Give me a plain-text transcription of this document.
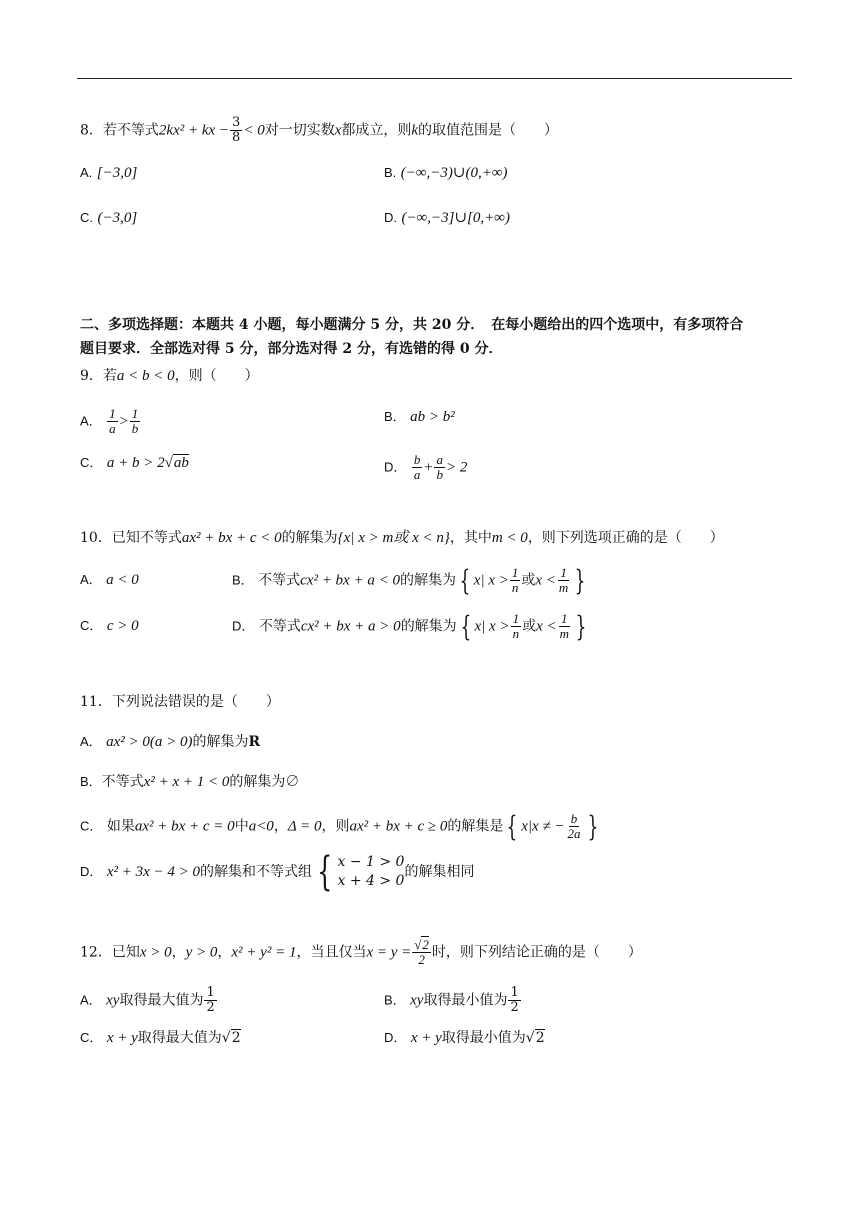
8．若不等式2kx² + kx − $\frac{3}{8} < 0$对一切实数x都成立，则k的取值范围是（　　）
A. [−3,0]	B. (−∞,−3)∪(0,+∞)
C. (−3,0]	D. (−∞,−3]∪[0,+∞)
二、多项选择题：本题共 4 小题，每小题满分 5 分，共 20 分．　在每小题给出的四个选项中，有多项符合
题目要求．全部选对得 5 分，部分选对得 2 分，有选错的得 0 分．
9．若a < b < 0，则（　　）
A． $\frac{1}{a} > \frac{1}{b}$	B． ab > b²
C． a + b > 2√ab	D． $\frac{b}{a} + \frac{a}{b} > 2$
10．已知不等式ax² + bx + c < 0的解集为{x| x > m或 x < n}，其中m < 0，则下列选项正确的是（　　）
A． a < 0	B． 不等式cx² + bx + a < 0的解集为 { x| $x > \frac{1}{n}$ 或$x < \frac{1}{m}$ }
C． c > 0	D． 不等式cx² + bx + a > 0的解集为 { x| $x > \frac{1}{n}$ 或$x < \frac{1}{m}$ }
11．下列说法错误的是（　　）
A． ax² > 0(a > 0)的解集为R
B．不等式x² + x + 1 < 0的解集为∅
C． 如果ax² + bx + c = 0中a<0，Δ = 0，则ax² + bx + c ≥ 0的解集是 { x|x ≠ − $\frac{b}{2a}$ }
D．
x² + 3x − 4 > 0 的解集和不等式组 { x − 1 > 0
x + 4 > 0
的解集相同
12．已知x > 0，y > 0，x² + y² = 1，当且仅当$x = y = \frac{√2}{2}$ 时，则下列结论正确的是（　　）
A． xy取得最大值为 $\frac{1}{2}$	B． xy取得最小值为 $\frac{1}{2}$
C． x + y取得最大值为√2	D． x + y取得最小值为√2
